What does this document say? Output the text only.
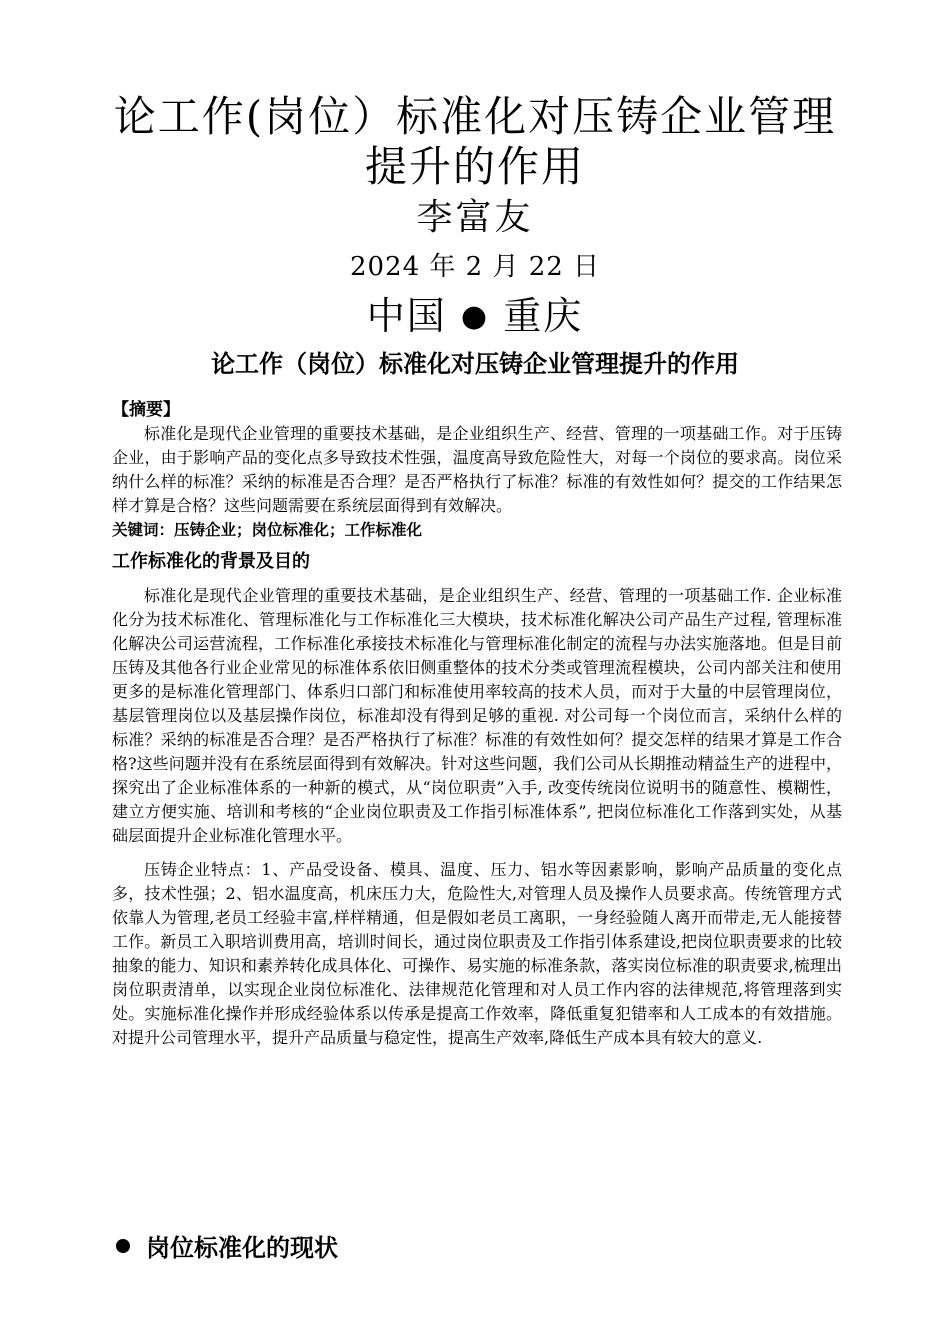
论工作(岗位）标准化对压铸企业管理提升的作用
李富友
2024 年 2 月 22 日
中国 ● 重庆
论工作（岗位）标准化对压铸企业管理提升的作用

【摘要】

标准化是现代企业管理的重要技术基础，是企业组织生产、经营、管理的一项基础工作。对于压铸企业，由于影响产品的变化点多导致技术性强，温度高导致危险性大，对每一个岗位的要求高。岗位采纳什么样的标准？采纳的标准是否合理？是否严格执行了标准？标准的有效性如何？提交的工作结果怎样才算是合格？这些问题需要在系统层面得到有效解决。

关键词：压铸企业；岗位标准化；工作标准化

工作标准化的背景及目的

标准化是现代企业管理的重要技术基础，是企业组织生产、经营、管理的一项基础工作. 企业标准化分为技术标准化、管理标准化与工作标准化三大模块，技术标准化解决公司产品生产过程, 管理标准化解决公司运营流程，工作标准化承接技术标准化与管理标准化制定的流程与办法实施落地。但是目前压铸及其他各行业企业常见的标准体系依旧侧重整体的技术分类或管理流程模块，公司内部关注和使用更多的是标准化管理部门、体系归口部门和标准使用率较高的技术人员，而对于大量的中层管理岗位，基层管理岗位以及基层操作岗位，标准却没有得到足够的重视. 对公司每一个岗位而言，采纳什么样的标准？采纳的标准是否合理？是否严格执行了标准？标准的有效性如何？提交怎样的结果才算是工作合格?这些问题并没有在系统层面得到有效解决。针对这些问题，我们公司从长期推动精益生产的进程中，探究出了企业标准体系的一种新的模式，从“岗位职责”入手, 改变传统岗位说明书的随意性、模糊性，建立方便实施、培训和考核的“企业岗位职责及工作指引标准体系”, 把岗位标准化工作落到实处，从基础层面提升企业标准化管理水平。

压铸企业特点：1、产品受设备、模具、温度、压力、铝水等因素影响，影响产品质量的变化点多，技术性强；2、铝水温度高，机床压力大，危险性大,对管理人员及操作人员要求高。传统管理方式依靠人为管理,老员工经验丰富,样样精通，但是假如老员工离职，一身经验随人离开而带走,无人能接替工作。新员工入职培训费用高，培训时间长，通过岗位职责及工作指引体系建设,把岗位职责要求的比较抽象的能力、知识和素养转化成具体化、可操作、易实施的标准条款，落实岗位标准的职责要求,梳理出岗位职责清单，以实现企业岗位标准化、法律规范化管理和对人员工作内容的法律规范,将管理落到实处。实施标准化操作并形成经验体系以传承是提高工作效率，降低重复犯错率和人工成本的有效措施。对提升公司管理水平，提升产品质量与稳定性，提高生产效率,降低生产成本具有较大的意义.

岗位标准化的现状
